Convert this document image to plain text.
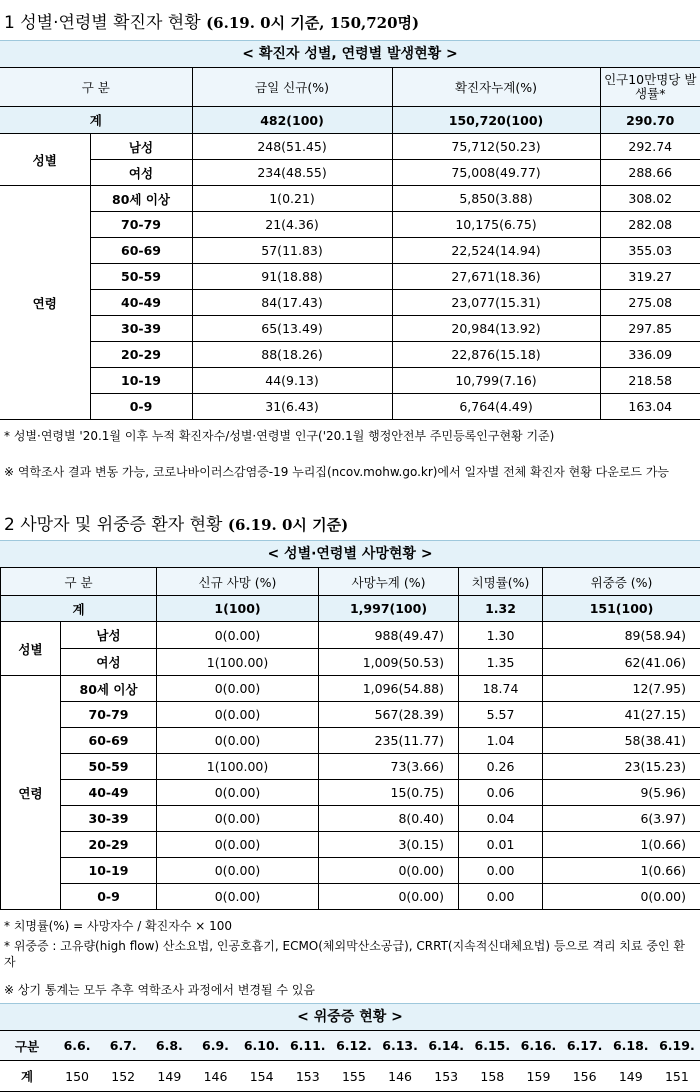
1 성별·연령별 확진자 현황 (6.19. 0시 기준, 150,720명)
< 확진자 성별, 연령별 발생현황 >
구 분	금일 신규(%)	확진자누계(%)	인구10만명당 발생률*
계		482(100)	150,720(100)	290.70
성별	남성	248(51.45)	75,712(50.23)	292.74
	여성	234(48.55)	75,008(49.77)	288.66
연령	80세 이상	1(0.21)	5,850(3.88)	308.02
	70-79	21(4.36)	10,175(6.75)	282.08
	60-69	57(11.83)	22,524(14.94)	355.03
	50-59	91(18.88)	27,671(18.36)	319.27
	40-49	84(17.43)	23,077(15.31)	275.08
	30-39	65(13.49)	20,984(13.92)	297.85
	20-29	88(18.26)	22,876(15.18)	336.09
	10-19	44(9.13)	10,799(7.16)	218.58
	0-9	31(6.43)	6,764(4.49)	163.04
* 성별·연령별 '20.1월 이후 누적 확진자수/성별·연령별 인구('20.1월 행정안전부 주민등록인구현황 기준)
※ 역학조사 결과 변동 가능, 코로나바이러스감염증-19 누리집(ncov.mohw.go.kr)에서 일자별 전체 확진자 현황 다운로드 가능
2 사망자 및 위중증 환자 현황 (6.19. 0시 기준)
< 성별·연령별 사망현황 >
구 분	신규 사망 (%)	사망누계 (%)	치명률(%)	위중증 (%)
계		1(100)	1,997(100)	1.32	151(100)
성별	남성	0(0.00)	988(49.47)	1.30	89(58.94)
	여성	1(100.00)	1,009(50.53)	1.35	62(41.06)
연령	80세 이상	0(0.00)	1,096(54.88)	18.74	12(7.95)
	70-79	0(0.00)	567(28.39)	5.57	41(27.15)
	60-69	0(0.00)	235(11.77)	1.04	58(38.41)
	50-59	1(100.00)	73(3.66)	0.26	23(15.23)
	40-49	0(0.00)	15(0.75)	0.06	9(5.96)
	30-39	0(0.00)	8(0.40)	0.04	6(3.97)
	20-29	0(0.00)	3(0.15)	0.01	1(0.66)
	10-19	0(0.00)	0(0.00)	0.00	1(0.66)
	0-9	0(0.00)	0(0.00)	0.00	0(0.00)
* 치명률(%) = 사망자수 / 확진자수 × 100
* 위중증 : 고유량(high flow) 산소요법, 인공호흡기, ECMO(체외막산소공급), CRRT(지속적신대체요법) 등으로 격리 치료 중인 환자
※ 상기 통계는 모두 추후 역학조사 과정에서 변경될 수 있음
< 위중증 현황 >
구분	6.6.	6.7.	6.8.	6.9.	6.10.	6.11.	6.12.	6.13.	6.14.	6.15.	6.16.	6.17.	6.18.	6.19.
계	150	152	149	146	154	153	155	146	153	158	159	156	149	151
